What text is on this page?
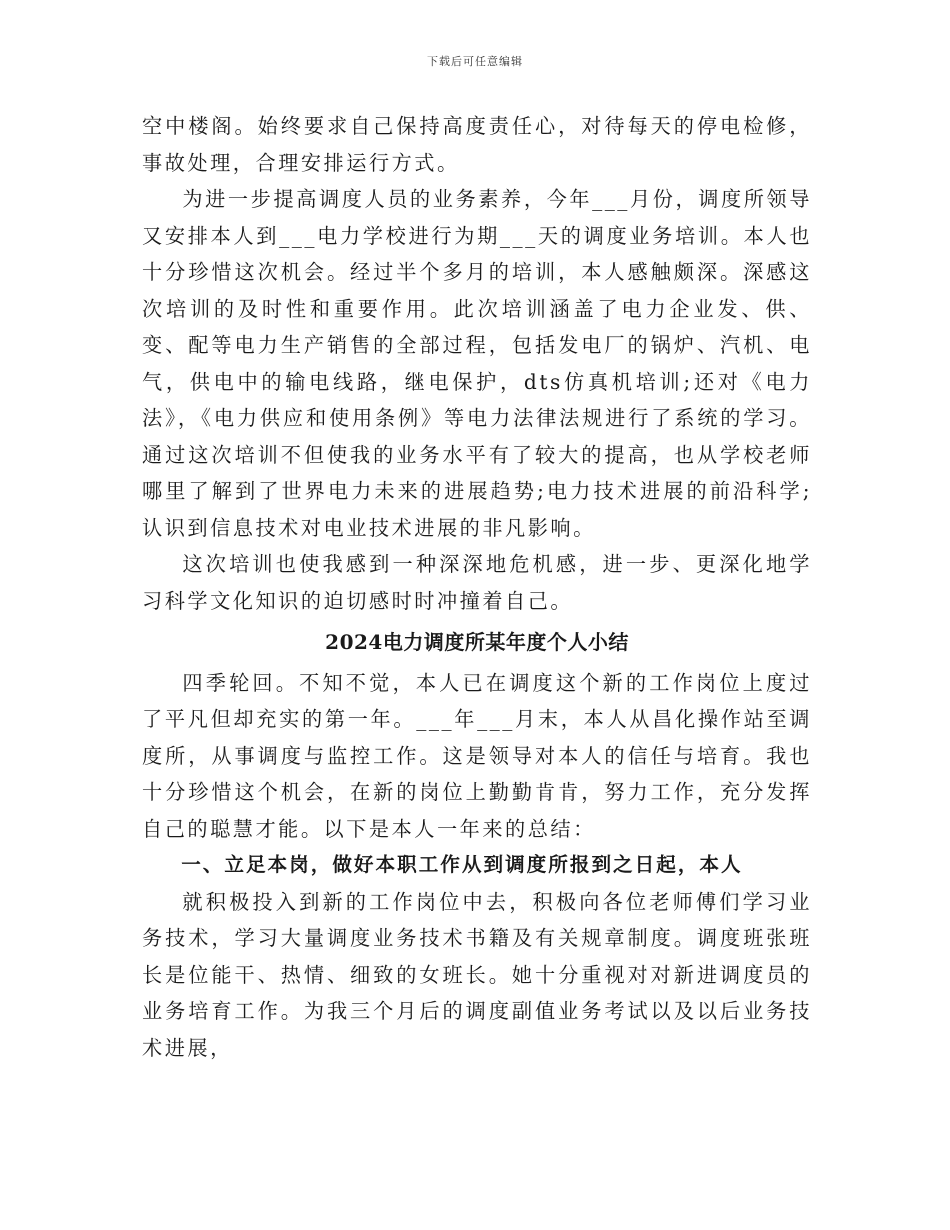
下载后可任意编辑

空中楼阁。始终要求自己保持高度责任心，对待每天的停电检修，事故处理，合理安排运行方式。

为进一步提高调度人员的业务素养，今年___月份，调度所领导又安排本人到___电力学校进行为期___天的调度业务培训。本人也十分珍惜这次机会。经过半个多月的培训，本人感触颇深。深感这次培训的及时性和重要作用。此次培训涵盖了电力企业发、供、变、配等电力生产销售的全部过程，包括发电厂的锅炉、汽机、电气，供电中的输电线路，继电保护，dts仿真机培训;还对《电力法》，《电力供应和使用条例》等电力法律法规进行了系统的学习。通过这次培训不但使我的业务水平有了较大的提高，也从学校老师哪里了解到了世界电力未来的进展趋势;电力技术进展的前沿科学;认识到信息技术对电业技术进展的非凡影响。

这次培训也使我感到一种深深地危机感，进一步、更深化地学习科学文化知识的迫切感时时冲撞着自己。

2024电力调度所某年度个人小结

四季轮回。不知不觉，本人已在调度这个新的工作岗位上度过了平凡但却充实的第一年。___年___月末，本人从昌化操作站至调度所，从事调度与监控工作。这是领导对本人的信任与培育。我也十分珍惜这个机会，在新的岗位上勤勤肯肯，努力工作，充分发挥自己的聪慧才能。以下是本人一年来的总结：

一、立足本岗，做好本职工作从到调度所报到之日起，本人

就积极投入到新的工作岗位中去，积极向各位老师傅们学习业务技术，学习大量调度业务技术书籍及有关规章制度。调度班张班长是位能干、热情、细致的女班长。她十分重视对对新进调度员的业务培育工作。为我三个月后的调度副值业务考试以及以后业务技术进展，
